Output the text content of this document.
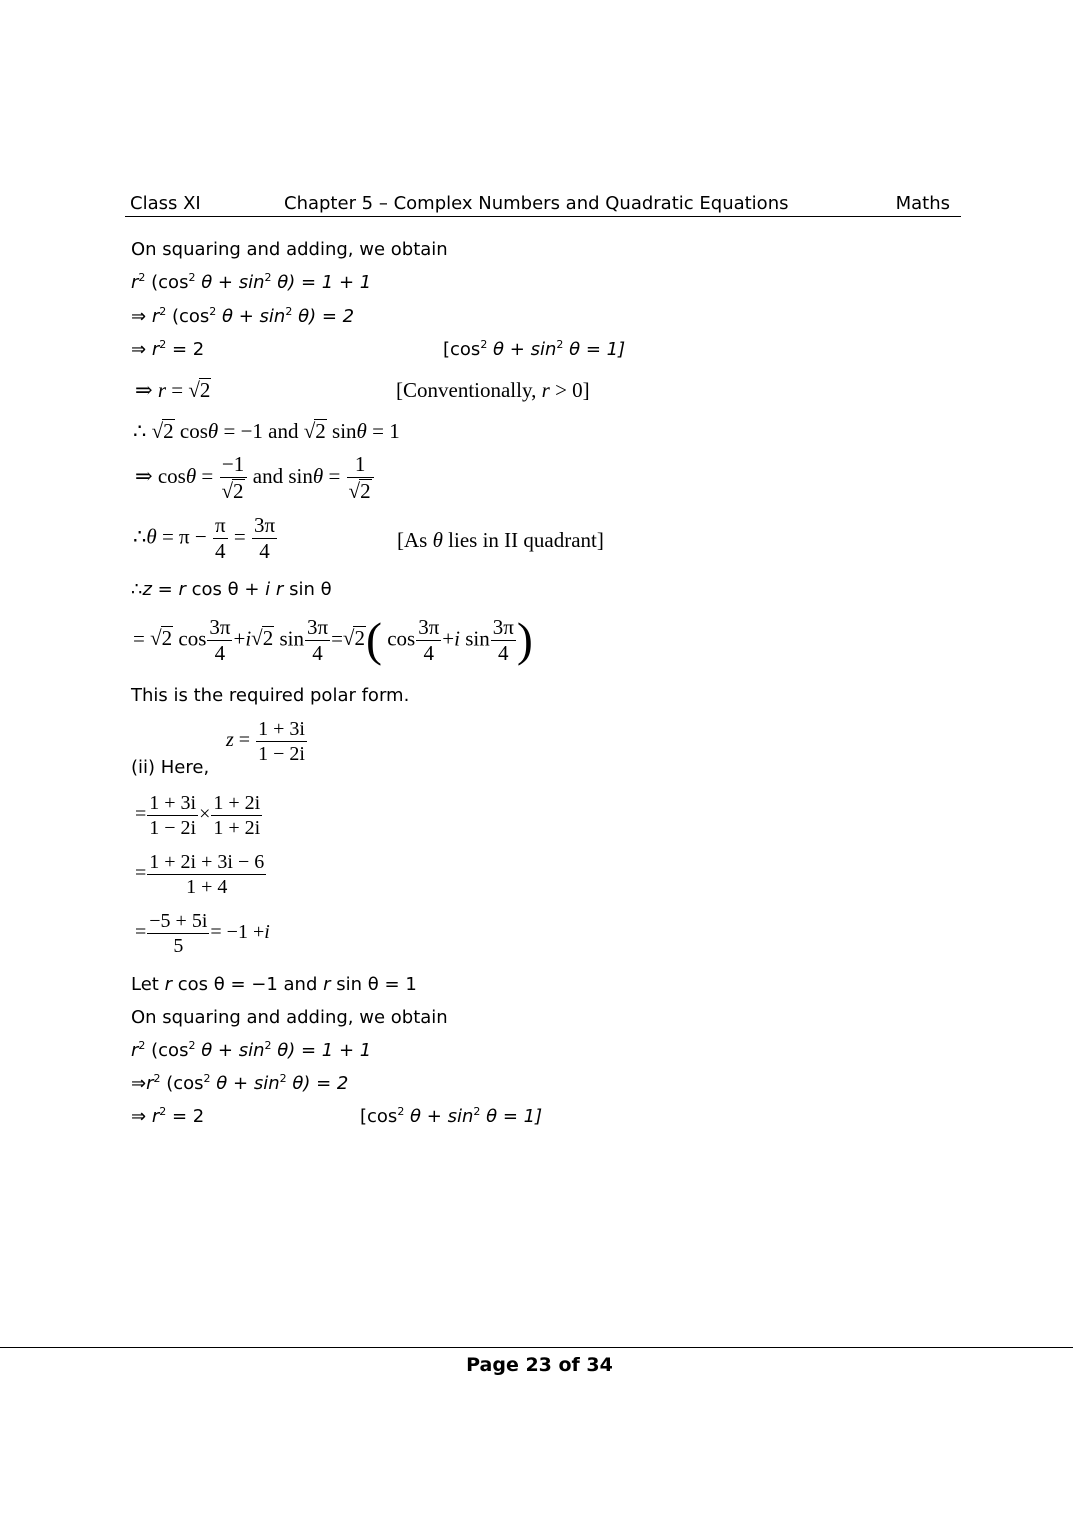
Class XI	Chapter 5 – Complex Numbers and Quadratic Equations	Maths
On squaring and adding, we obtain
$r^2$ ($\cos^2$ $\theta + \sin^2 \theta) = 1 + 1$
⇒ $r^2$ ($\cos^2$ $\theta + \sin^2 \theta) = 2$
⇒ $r^2 = 2$	[$\cos^2$ $\theta + \sin^2 \theta = 1$]
⇒ r = √2	[Conventionally, r > 0]
∴ √2 cosθ = −1 and √2 sinθ = 1
⇒ $\cos\theta = \frac{-1}{√2}$ and $\sin\theta = \frac{1}{√2}$
∴θ = $\pi - \frac{\pi}{4} = \frac{3\pi}{4}$	[As θ lies in II quadrant]
∴z = r cos θ + i r sin θ
= √2 $\cos \frac{3\pi}{4} +i√2$ $\sin \frac{3\pi}{4} =√2$( $\cos \frac{3\pi}{4} +i$ $\sin \frac{3\pi}{4}$ )
This is the required polar form.
$z = \frac{1 + 3i}{1 - 2i}$
(ii) Here,
= $\frac{1 + 3i}{1 - 2i} \times \frac{1 + 2i}{1 + 2i}$
= $\frac{1 + 2i + 3i - 6}{1 + 4}$
= $\frac{-5 + 5i}{5} = -1 +i$
Let r cos θ = −1 and r sin θ = 1
On squaring and adding, we obtain
$r^2$ ($\cos^2$ $\theta + \sin^2 \theta) = 1 + 1$
$\Rightarrow r^2$ ($\cos^2$ $\theta + \sin^2 \theta) = 2$
⇒ $r^2 = 2$	[$\cos^2$ $\theta + \sin^2 \theta = 1$]
Page 23 of 34
